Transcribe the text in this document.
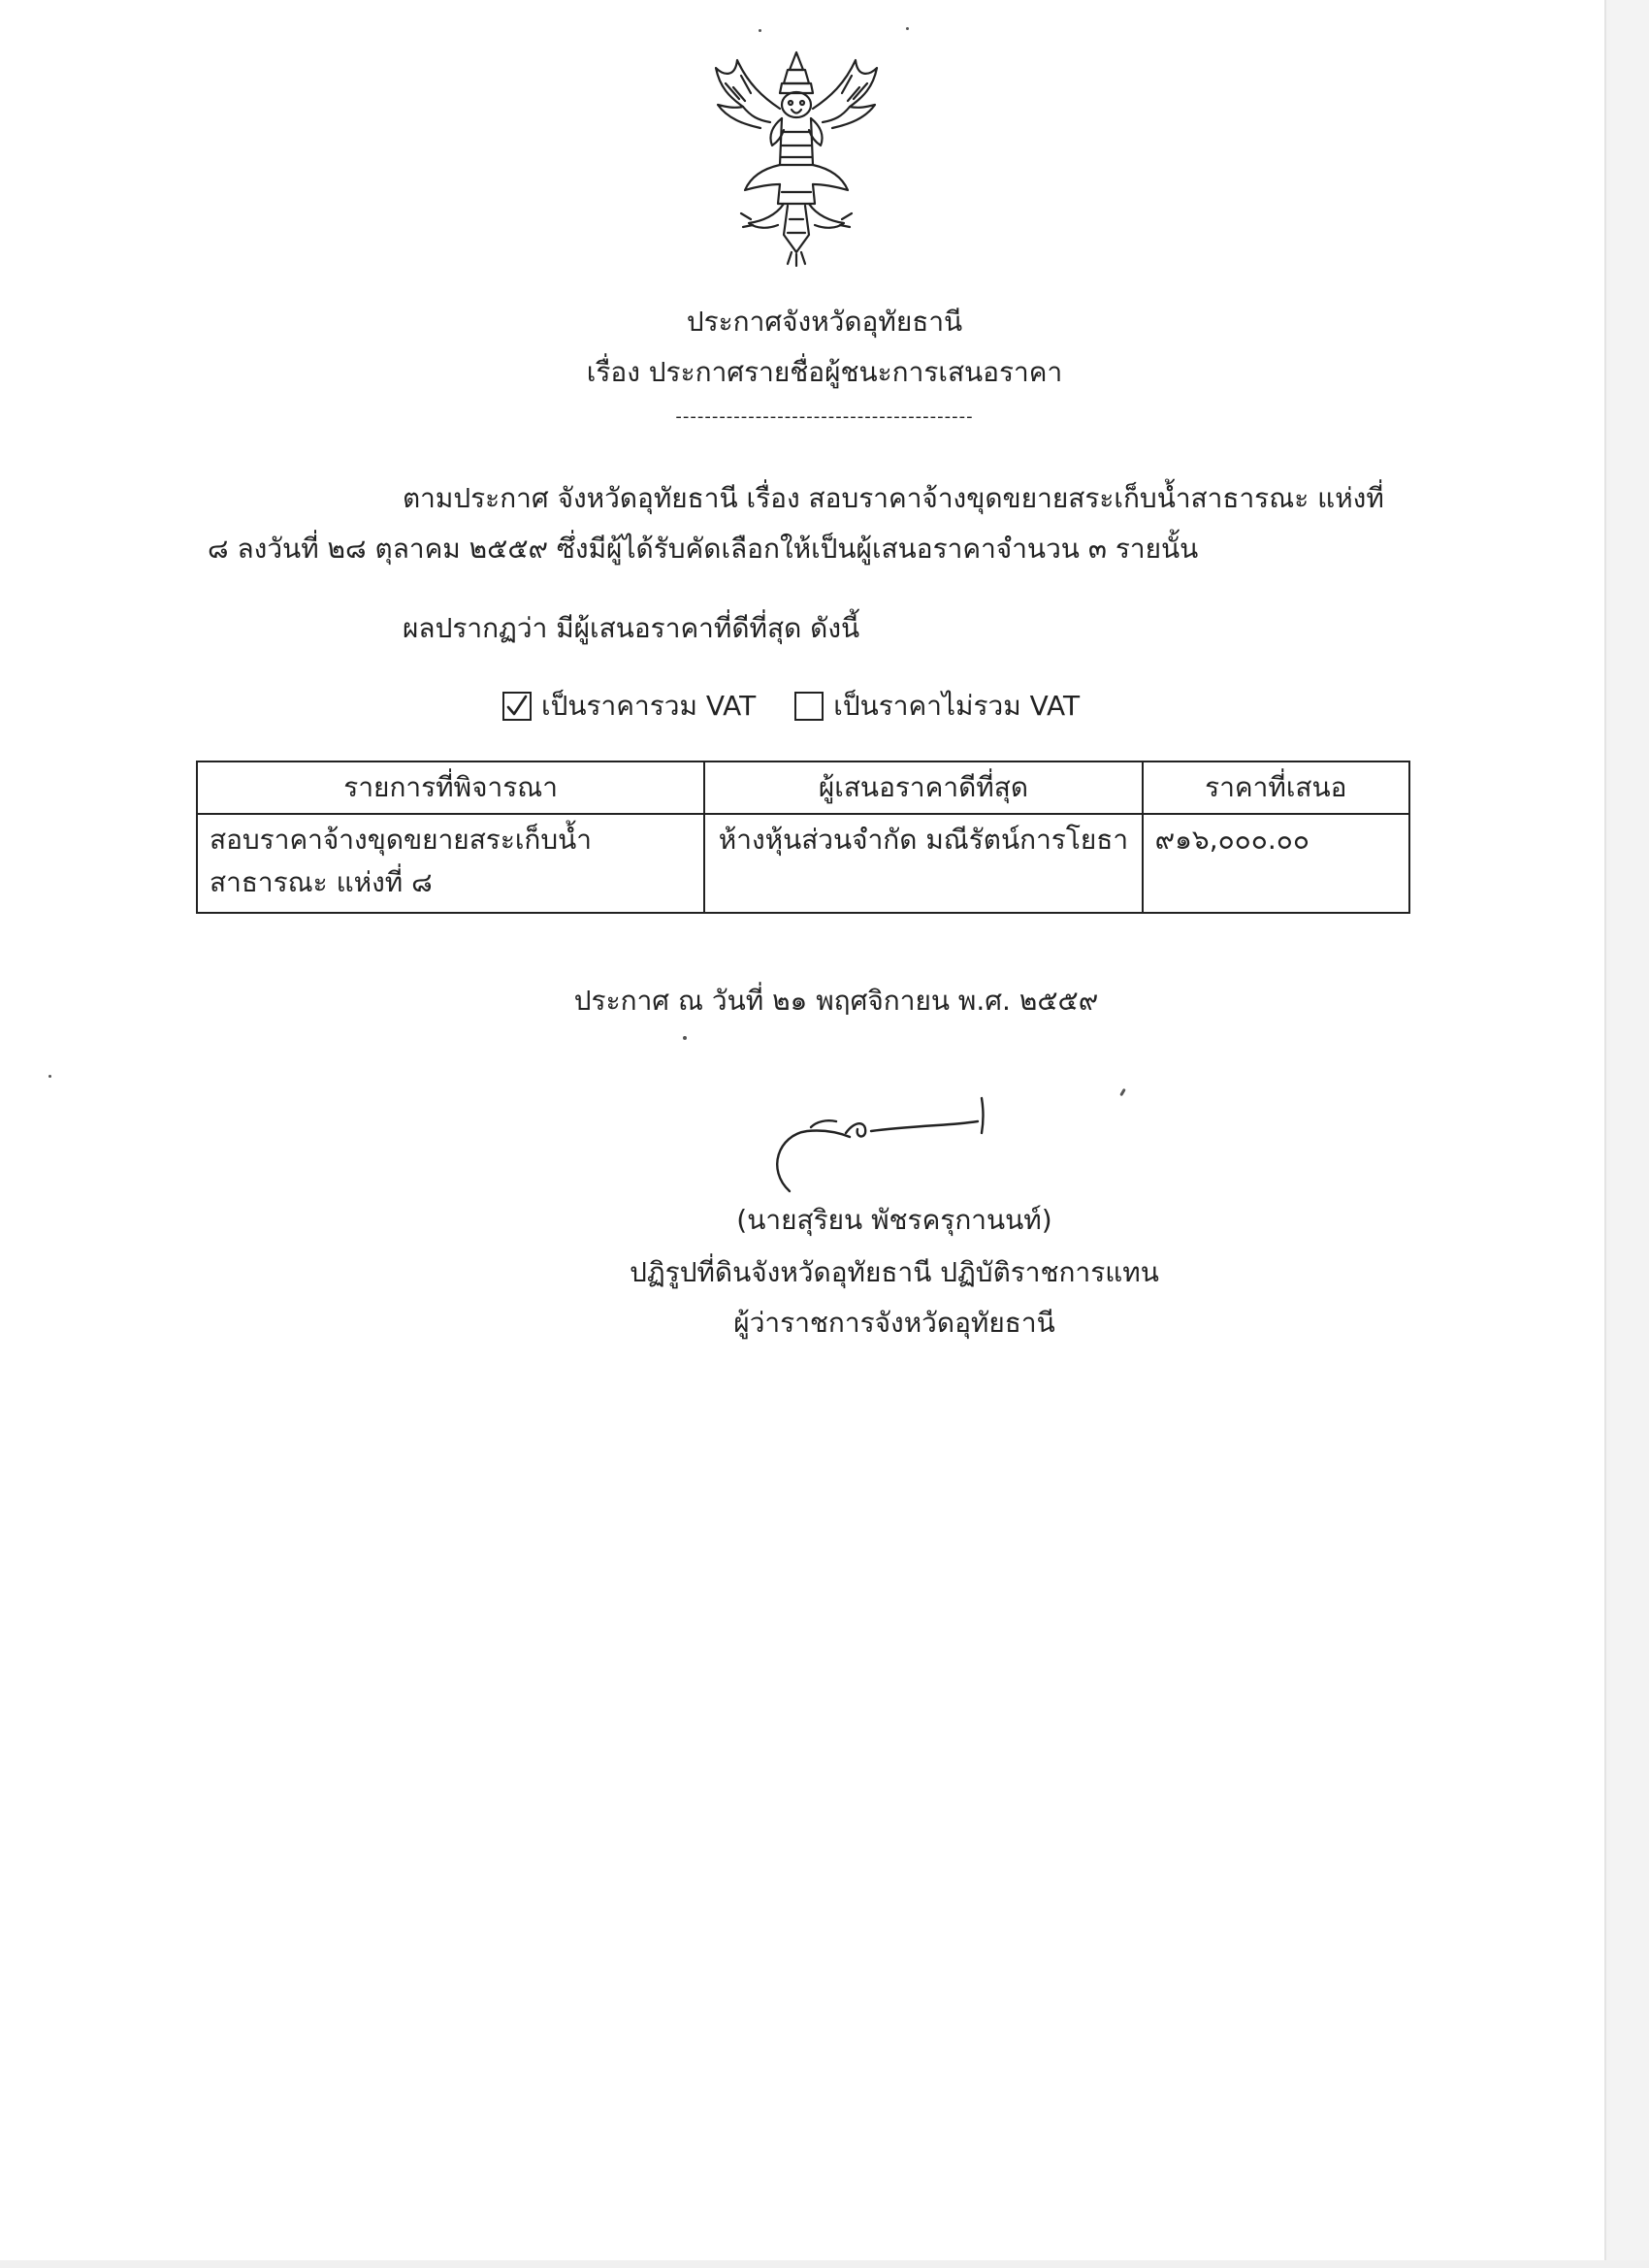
ประกาศจังหวัดอุทัยธานี
เรื่อง ประกาศรายชื่อผู้ชนะการเสนอราคา
-----------------------------------------
ตามประกาศ จังหวัดอุทัยธานี เรื่อง สอบราคาจ้างขุดขยายสระเก็บน้ำสาธารณะ แห่งที่
๘ ลงวันที่ ๒๘ ตุลาคม ๒๕๕๙ ซึ่งมีผู้ได้รับคัดเลือกให้เป็นผู้เสนอราคาจำนวน ๓ รายนั้น
ผลปรากฏว่า มีผู้เสนอราคาที่ดีที่สุด ดังนี้
เป็นราคารวม VAT	เป็นราคาไม่รวม VAT
รายการที่พิจารณา	ผู้เสนอราคาดีที่สุด	ราคาที่เสนอ
สอบราคาจ้างขุดขยายสระเก็บน้ำสาธารณะ แห่งที่ ๘	ห้างหุ้นส่วนจำกัด มณีรัตน์การโยธา	๙๑๖,๐๐๐.๐๐
ประกาศ ณ วันที่ ๒๑ พฤศจิกายน พ.ศ. ๒๕๕๙
(นายสุริยน พัชรครุกานนท์)
ปฏิรูปที่ดินจังหวัดอุทัยธานี ปฏิบัติราชการแทน
ผู้ว่าราชการจังหวัดอุทัยธานี
